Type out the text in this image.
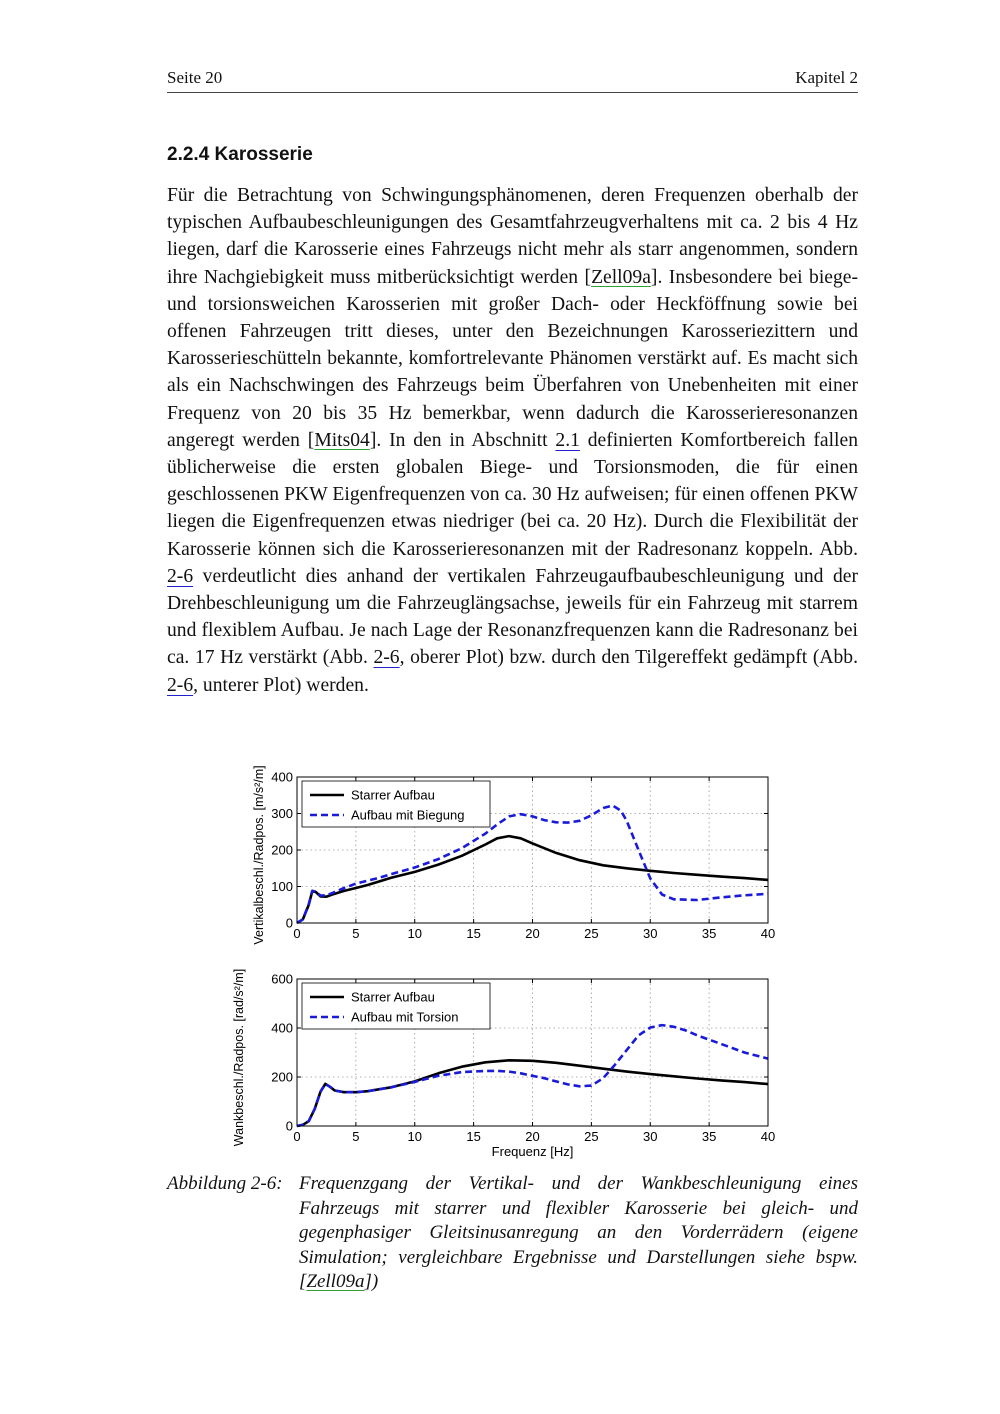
Seite 20	Kapitel 2
2.2.4 Karosserie
Für die Betrachtung von Schwingungsphänomenen, deren Frequenzen oberhalb der typischen Aufbaubeschleunigungen des Gesamtfahrzeugverhaltens mit ca. 2 bis 4 Hz liegen, darf die Karosserie eines Fahrzeugs nicht mehr als starr angenommen, sondern ihre Nachgiebigkeit muss mitberücksichtigt werden [Zell09a]. Insbesondere bei biege- und torsionsweichen Karosserien mit großer Dach- oder Heckföffnung sowie bei offenen Fahrzeugen tritt dieses, unter den Bezeichnungen Karosseriezittern und Karosserieschütteln bekannte, komfortrelevante Phänomen verstärkt auf. Es macht sich als ein Nachschwingen des Fahrzeugs beim Überfahren von Unebenheiten mit einer Frequenz von 20 bis 35 Hz bemerkbar, wenn dadurch die Karosserieresonanzen angeregt werden [Mits04]. In den in Abschnitt 2.1 definierten Komfortbereich fallen üblicherweise die ersten globalen Biege- und Torsionsmoden, die für einen geschlossenen PKW Eigenfrequenzen von ca. 30 Hz aufweisen; für einen offenen PKW liegen die Eigenfrequenzen etwas niedriger (bei ca. 20 Hz). Durch die Flexibilität der Karosserie können sich die Karosserieresonanzen mit der Radresonanz koppeln. Abb. 2-6 verdeutlicht dies anhand der vertikalen Fahrzeugaufbaubeschleunigung und der Drehbeschleunigung um die Fahrzeuglängsachse, jeweils für ein Fahrzeug mit starrem und flexiblem Aufbau. Je nach Lage der Resonanzfrequenzen kann die Radresonanz bei ca. 17 Hz verstärkt (Abb. 2-6, oberer Plot) bzw. durch den Tilgereffekt gedämpft (Abb. 2-6, unterer Plot) werden.
0	5	10	15	20	25	30	35	40
0
100
200
300
400
Vertikalbeschl./Radpos. [m/s²/m]	Starrer Aufbau
Aufbau mit Biegung
0	5	10	15	20	25	30	35	40
0
200
400
600
Wankbeschl./Radpos. [rad/s²/m]
Frequenz [Hz]
Starrer Aufbau
Aufbau mit Torsion
Abbildung 2-6: Frequenzgang der Vertikal- und der Wankbeschleunigung eines Fahrzeugs mit starrer und flexibler Karosserie bei gleich- und gegenphasiger Gleitsinusanregung an den Vorderrädern (eigene Simulation; vergleichbare Ergebnisse und Darstellungen siehe bspw. [Zell09a])
